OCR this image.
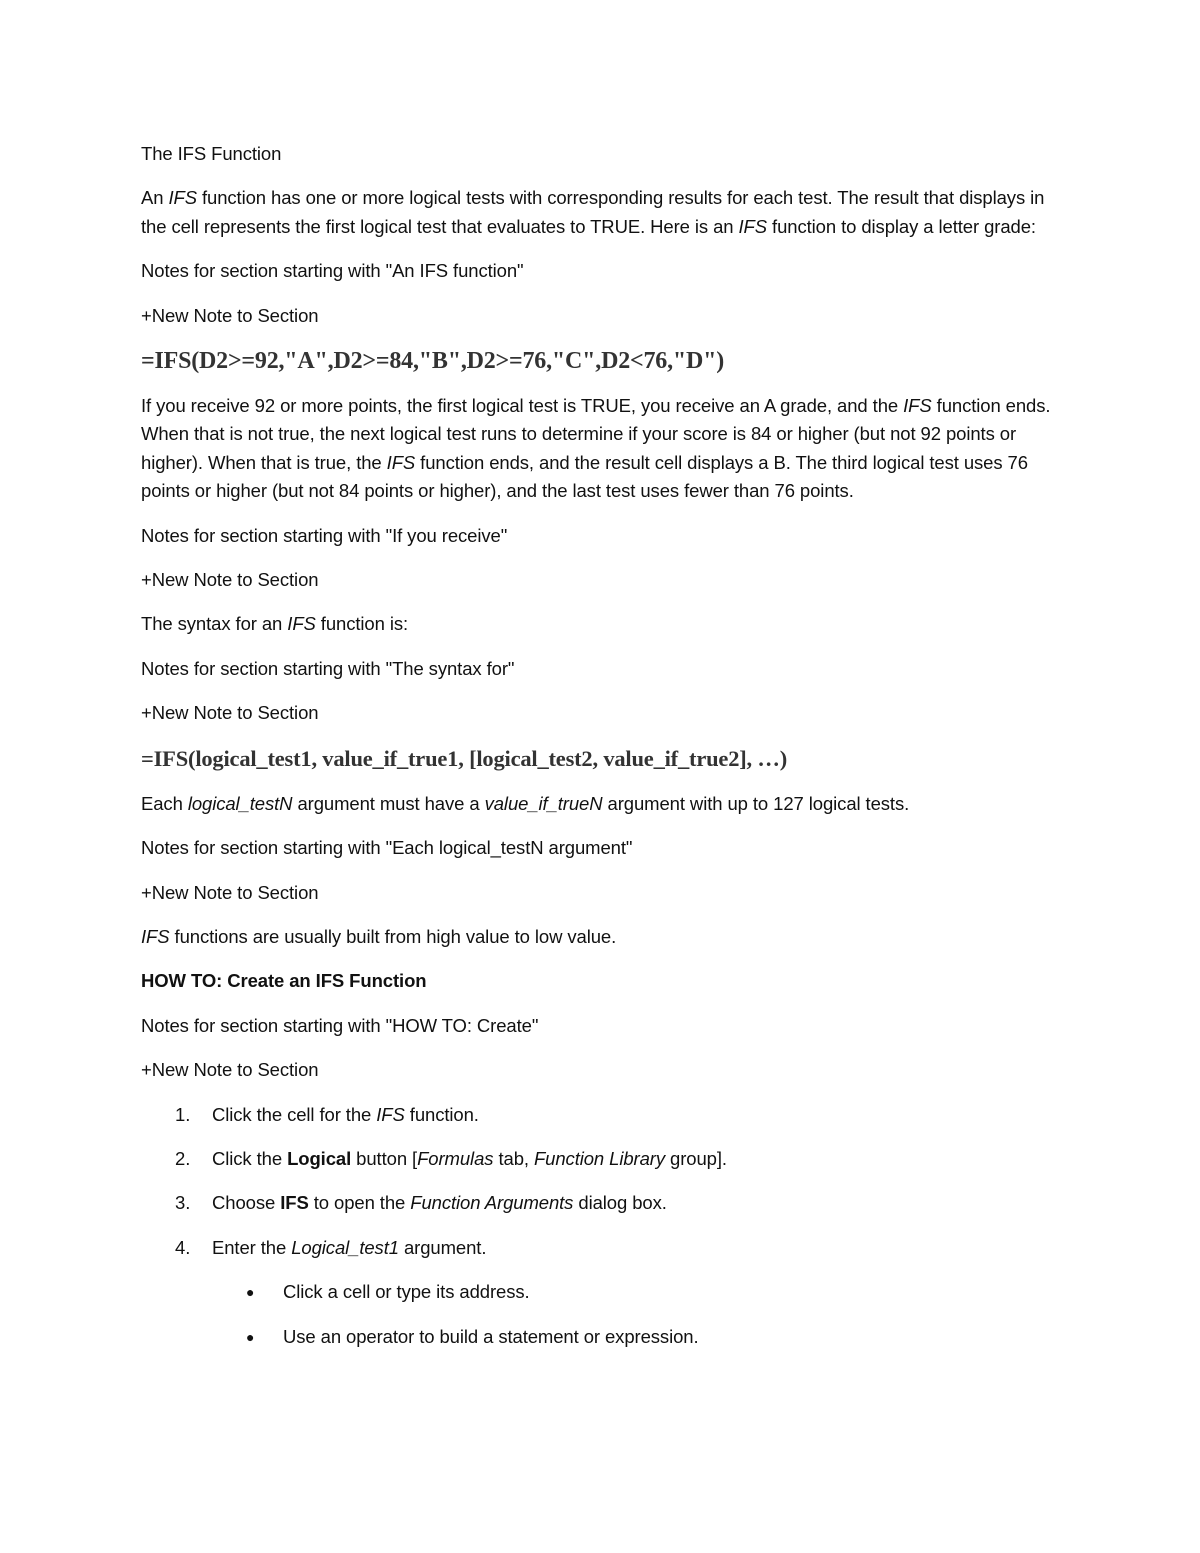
The IFS Function

An IFS function has one or more logical tests with corresponding results for each test. The result that displays in the cell represents the first logical test that evaluates to TRUE. Here is an IFS function to display a letter grade:

Notes for section starting with "An IFS function"

+New Note to Section

=IFS(D2>=92,"A",D2>=84,"B",D2>=76,"C",D2<76,"D")

If you receive 92 or more points, the first logical test is TRUE, you receive an A grade, and the IFS function ends. When that is not true, the next logical test runs to determine if your score is 84 or higher (but not 92 points or higher). When that is true, the IFS function ends, and the result cell displays a B. The third logical test uses 76 points or higher (but not 84 points or higher), and the last test uses fewer than 76 points.

Notes for section starting with "If you receive"

+New Note to Section

The syntax for an IFS function is:

Notes for section starting with "The syntax for"

+New Note to Section

=IFS(logical_test1, value_if_true1, [logical_test2, value_if_true2], …)

Each logical_testN argument must have a value_if_trueN argument with up to 127 logical tests.

Notes for section starting with "Each logical_testN argument"

+New Note to Section

IFS functions are usually built from high value to low value.

HOW TO: Create an IFS Function

Notes for section starting with "HOW TO: Create"

+New Note to Section

1. Click the cell for the IFS function.
2. Click the Logical button [Formulas tab, Function Library group].
3. Choose IFS to open the Function Arguments dialog box.
4. Enter the Logical_test1 argument.
● Click a cell or type its address.
● Use an operator to build a statement or expression.
